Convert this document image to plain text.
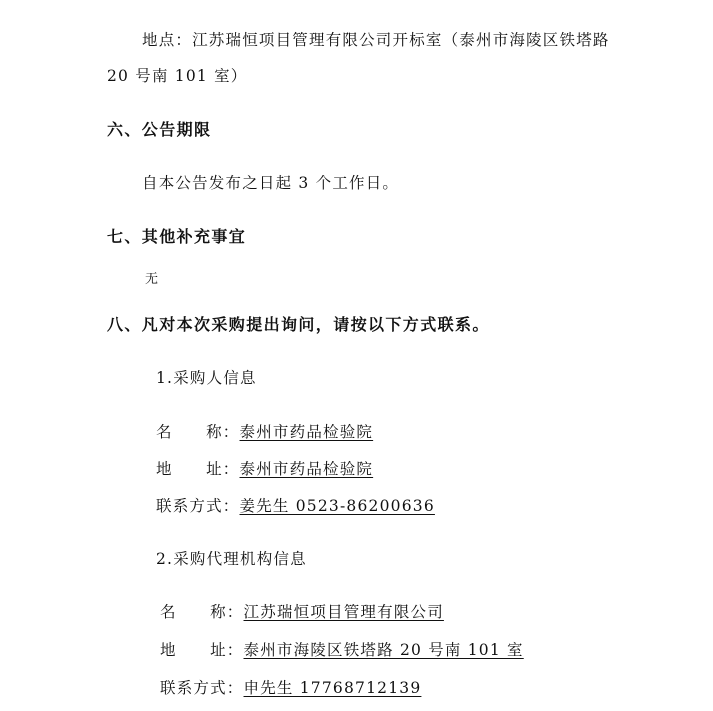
地点：江苏瑞恒项目管理有限公司开标室（泰州市海陵区铁塔路
20 号南 101 室）
六、公告期限
自本公告发布之日起 3 个工作日。
七、其他补充事宜
无
八、凡对本次采购提出询问，请按以下方式联系。
1.采购人信息
名　　称：泰州市药品检验院
地　　址：泰州市药品检验院
联系方式：姜先生 0523-86200636
2.采购代理机构信息
名　　称：江苏瑞恒项目管理有限公司
地　　址：泰州市海陵区铁塔路 20 号南 101 室
联系方式：申先生 17768712139
